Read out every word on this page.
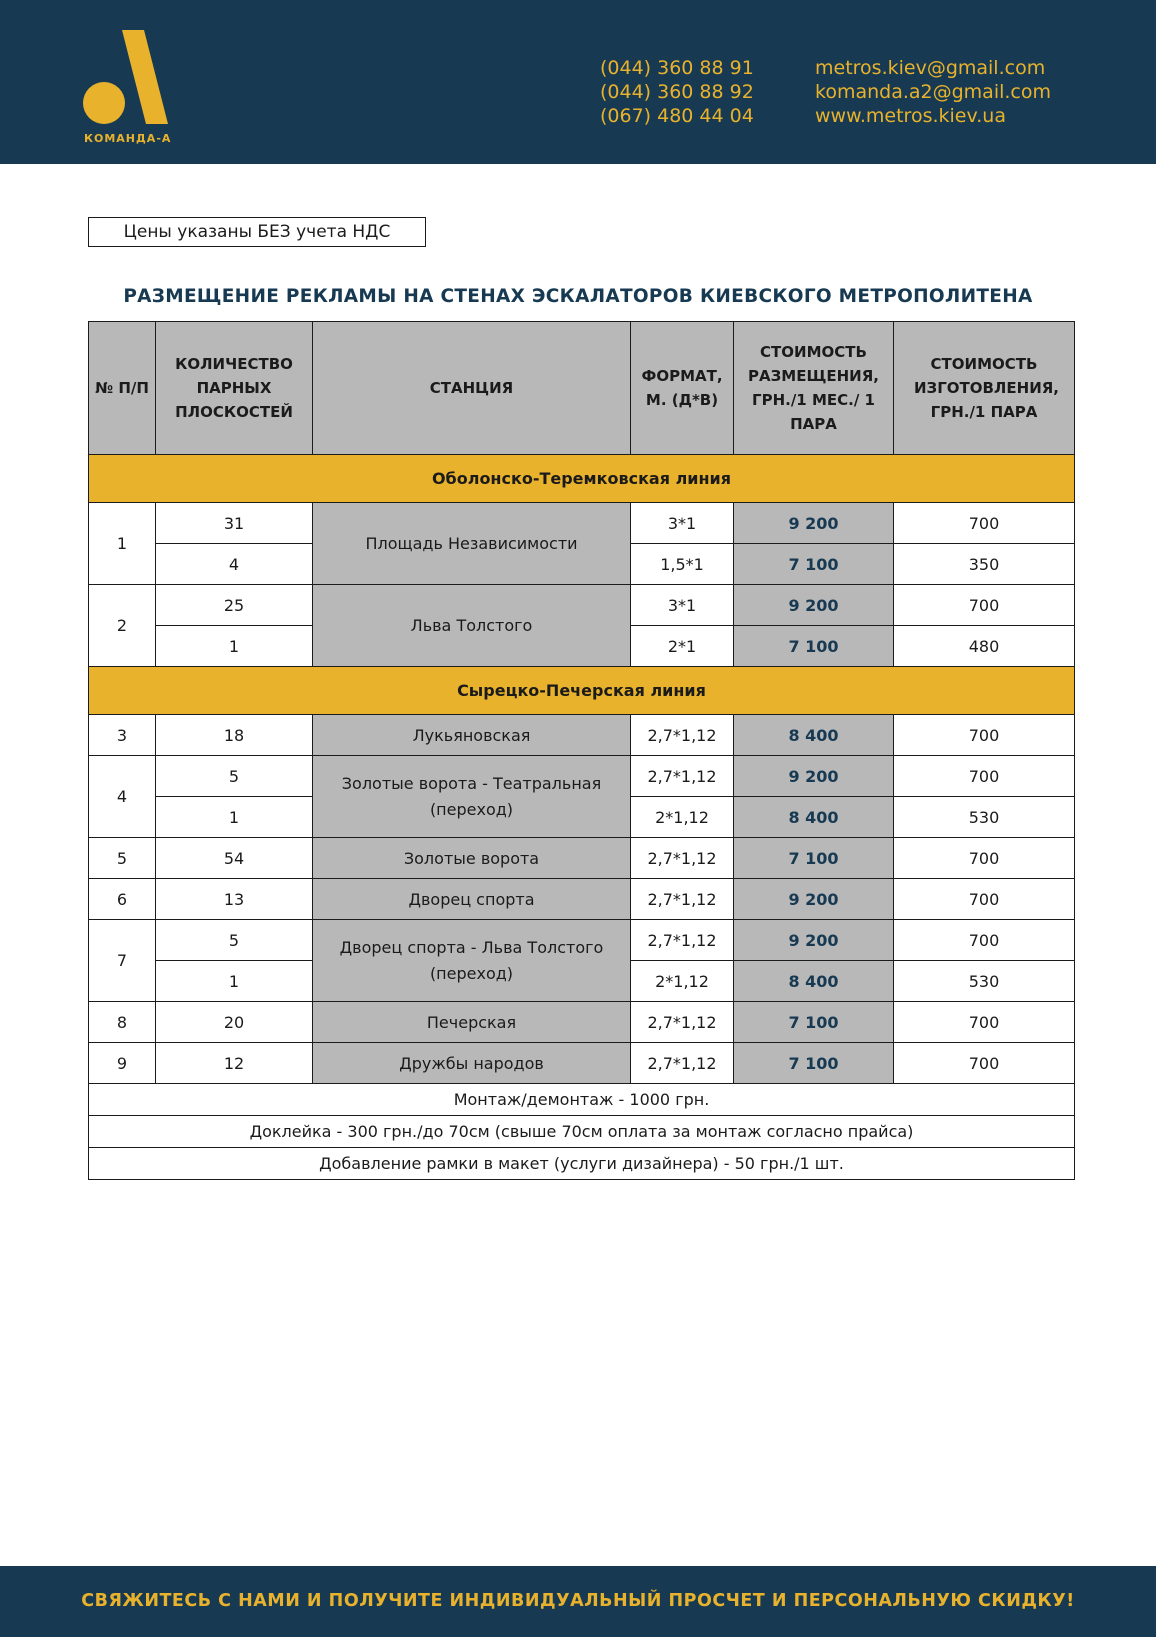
КОМАНДА-А
(044) 360 88 91
(044) 360 88 92
(067) 480 44 04
metros.kiev@gmail.com
komanda.a2@gmail.com
www.metros.kiev.ua
Цены указаны БЕЗ учета НДС
РАЗМЕЩЕНИЕ РЕКЛАМЫ НА СТЕНАХ ЭСКАЛАТОРОВ КИЕВСКОГО МЕТРОПОЛИТЕНА
№ П/П	КОЛИЧЕСТВО ПАРНЫХ ПЛОСКОСТЕЙ	СТАНЦИЯ	ФОРМАТ, М. (Д*В)	СТОИМОСТЬ РАЗМЕЩЕНИЯ, ГРН./1 МЕС./ 1 ПАРА	СТОИМОСТЬ ИЗГОТОВЛЕНИЯ, ГРН./1 ПАРА
Оболонско-Теремковская линия					
1	31	Площадь Независимости	3*1	9 200	700
	4		1,5*1	7 100	350
2	25	Льва Толстого	3*1	9 200	700
	1		2*1	7 100	480
Сырецко-Печерская линия					
3	18	Лукьяновская	2,7*1,12	8 400	700
4	5	Золотые ворота - Театральная (переход)	2,7*1,12	9 200	700
	1		2*1,12	8 400	530
5	54	Золотые ворота	2,7*1,12	7 100	700
6	13	Дворец спорта	2,7*1,12	9 200	700
7	5	Дворец спорта - Льва Толстого (переход)	2,7*1,12	9 200	700
	1		2*1,12	8 400	530
8	20	Печерская	2,7*1,12	7 100	700
9	12	Дружбы народов	2,7*1,12	7 100	700
Монтаж/демонтаж - 1000 грн.					
Доклейка - 300 грн./до 70см (свыше 70см оплата за монтаж согласно прайса)					
Добавление рамки в макет (услуги дизайнера) - 50 грн./1 шт.					
СВЯЖИТЕСЬ С НАМИ И ПОЛУЧИТЕ ИНДИВИДУАЛЬНЫЙ ПРОСЧЕТ И ПЕРСОНАЛЬНУЮ СКИДКУ!
